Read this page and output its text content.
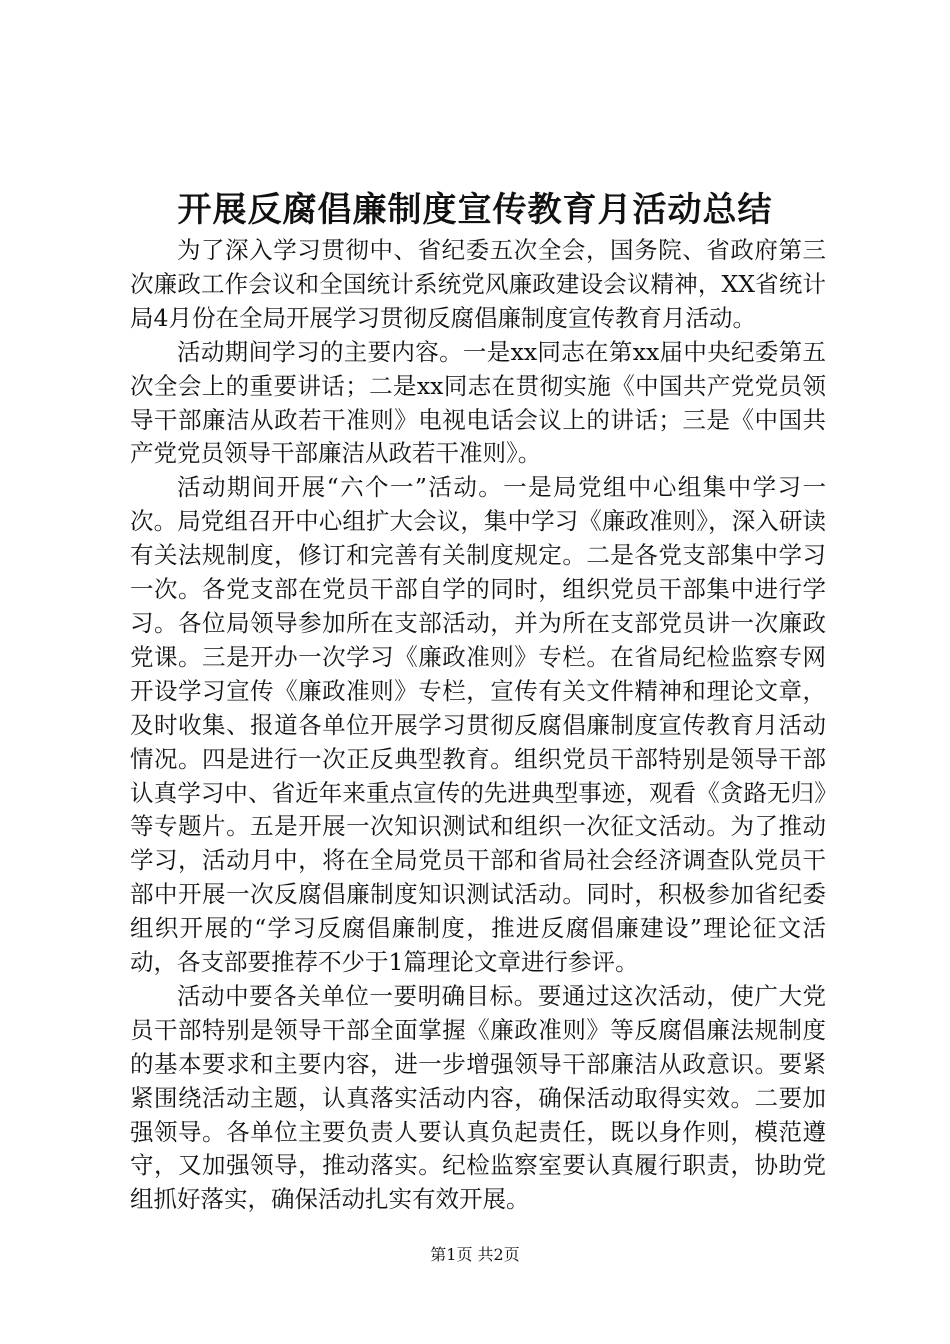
开展反腐倡廉制度宣传教育月活动总结

为了深入学习贯彻中、省纪委五次全会，国务院、省政府第三次廉政工作会议和全国统计系统党风廉政建设会议精神，XX省统计局4月份在全局开展学习贯彻反腐倡廉制度宣传教育月活动。

活动期间学习的主要内容。一是xx同志在第xx届中央纪委第五次全会上的重要讲话；二是xx同志在贯彻实施《中国共产党党员领导干部廉洁从政若干准则》电视电话会议上的讲话；三是《中国共产党党员领导干部廉洁从政若干准则》。

活动期间开展“六个一”活动。一是局党组中心组集中学习一次。局党组召开中心组扩大会议，集中学习《廉政准则》，深入研读有关法规制度，修订和完善有关制度规定。二是各党支部集中学习一次。各党支部在党员干部自学的同时，组织党员干部集中进行学习。各位局领导参加所在支部活动，并为所在支部党员讲一次廉政党课。三是开办一次学习《廉政准则》专栏。在省局纪检监察专网开设学习宣传《廉政准则》专栏，宣传有关文件精神和理论文章，及时收集、报道各单位开展学习贯彻反腐倡廉制度宣传教育月活动情况。四是进行一次正反典型教育。组织党员干部特别是领导干部认真学习中、省近年来重点宣传的先进典型事迹，观看《贪路无归》等专题片。五是开展一次知识测试和组织一次征文活动。为了推动学习，活动月中，将在全局党员干部和省局社会经济调查队党员干部中开展一次反腐倡廉制度知识测试活动。同时，积极参加省纪委组织开展的“学习反腐倡廉制度，推进反腐倡廉建设”理论征文活动，各支部要推荐不少于1篇理论文章进行参评。

活动中要各关单位一要明确目标。要通过这次活动，使广大党员干部特别是领导干部全面掌握《廉政准则》等反腐倡廉法规制度的基本要求和主要内容，进一步增强领导干部廉洁从政意识。要紧紧围绕活动主题，认真落实活动内容，确保活动取得实效。二要加强领导。各单位主要负责人要认真负起责任，既以身作则，模范遵守，又加强领导，推动落实。纪检监察室要认真履行职责，协助党组抓好落实，确保活动扎实有效开展。

第1页 共2页
